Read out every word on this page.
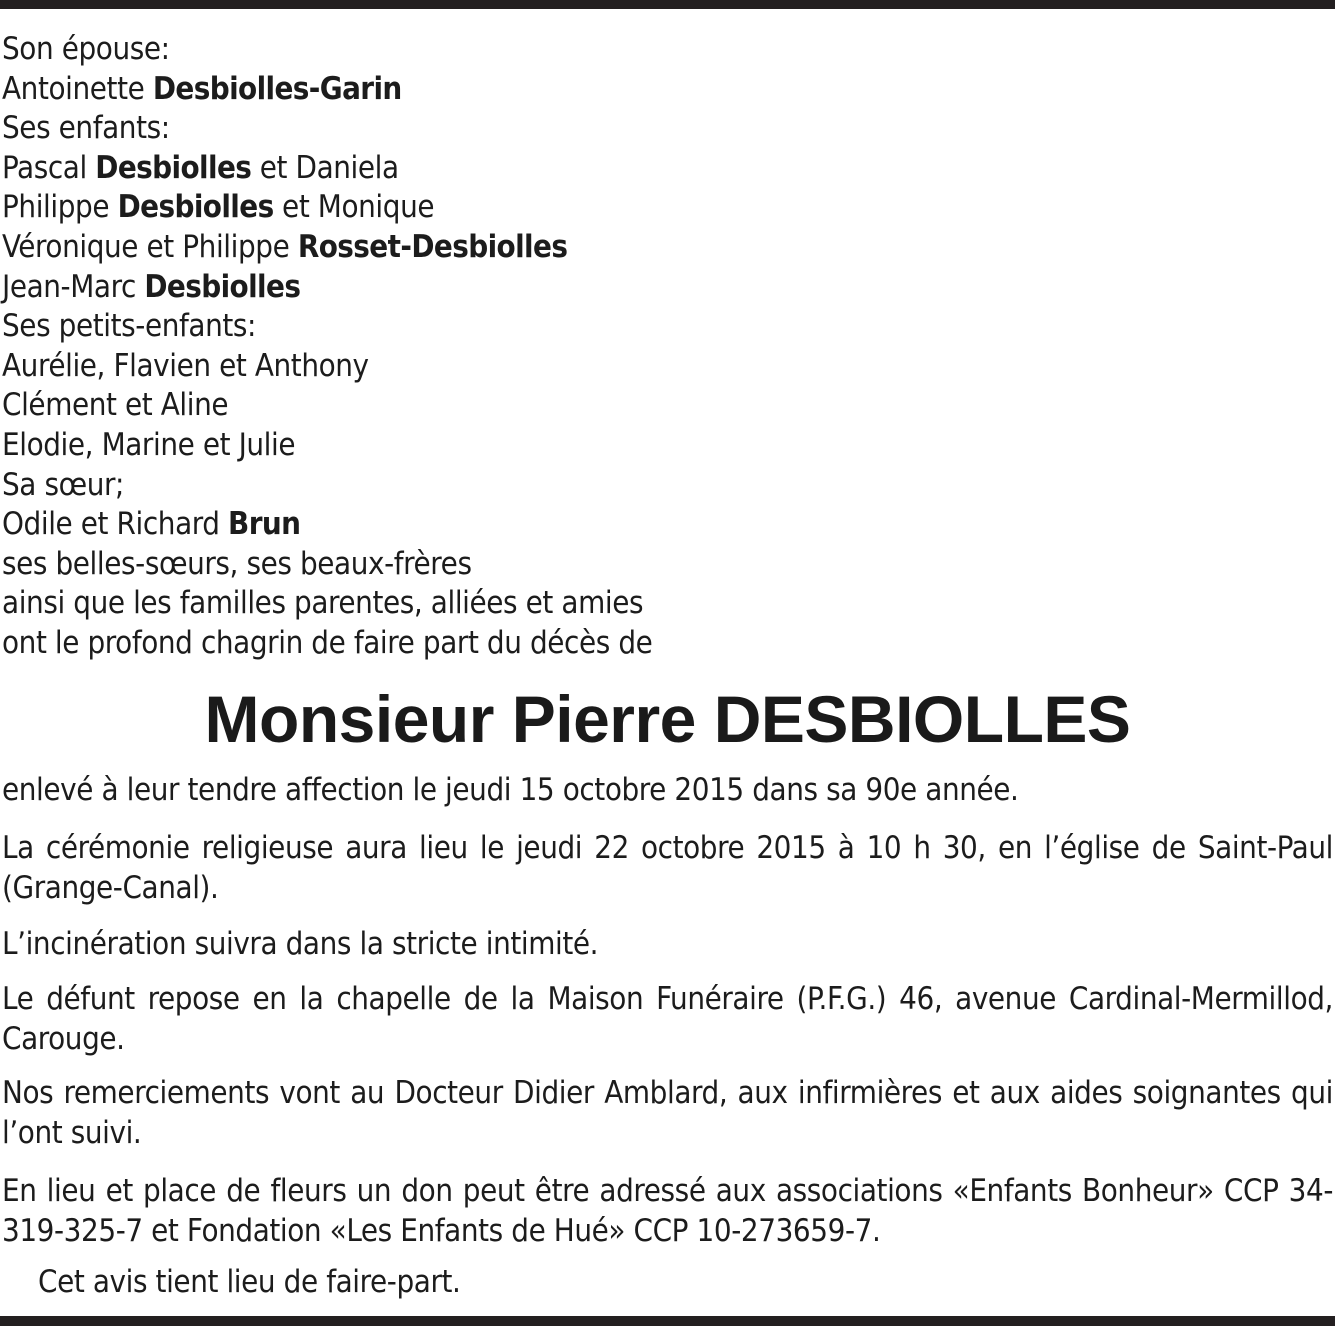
Son épouse:
Antoinette Desbiolles-Garin
Ses enfants:
Pascal Desbiolles et Daniela
Philippe Desbiolles et Monique
Véronique et Philippe Rosset-Desbiolles
Jean-Marc Desbiolles
Ses petits-enfants:
Aurélie, Flavien et Anthony
Clément et Aline
Elodie, Marine et Julie
Sa sœur;
Odile et Richard Brun
ses belles-sœurs, ses beaux-frères
ainsi que les familles parentes, alliées et amies
ont le profond chagrin de faire part du décès de
Monsieur Pierre DESBIOLLES

enlevé à leur tendre affection le jeudi 15 octobre 2015 dans sa 90e année.

La cérémonie religieuse aura lieu le jeudi 22 octobre 2015 à 10 h 30, en l’église de Saint-Paul (Grange-Canal).

L’incinération suivra dans la stricte intimité.

Le défunt repose en la chapelle de la Maison Funéraire (P.F.G.) 46, avenue Cardinal-Mermillod, Carouge.

Nos remerciements vont au Docteur Didier Amblard, aux infirmières et aux aides soignantes qui l’ont suivi.

En lieu et place de fleurs un don peut être adressé aux associations «Enfants Bonheur» CCP 34-319-325-7 et Fondation «Les Enfants de Hué» CCP 10-273659-7.

Cet avis tient lieu de faire-part.
